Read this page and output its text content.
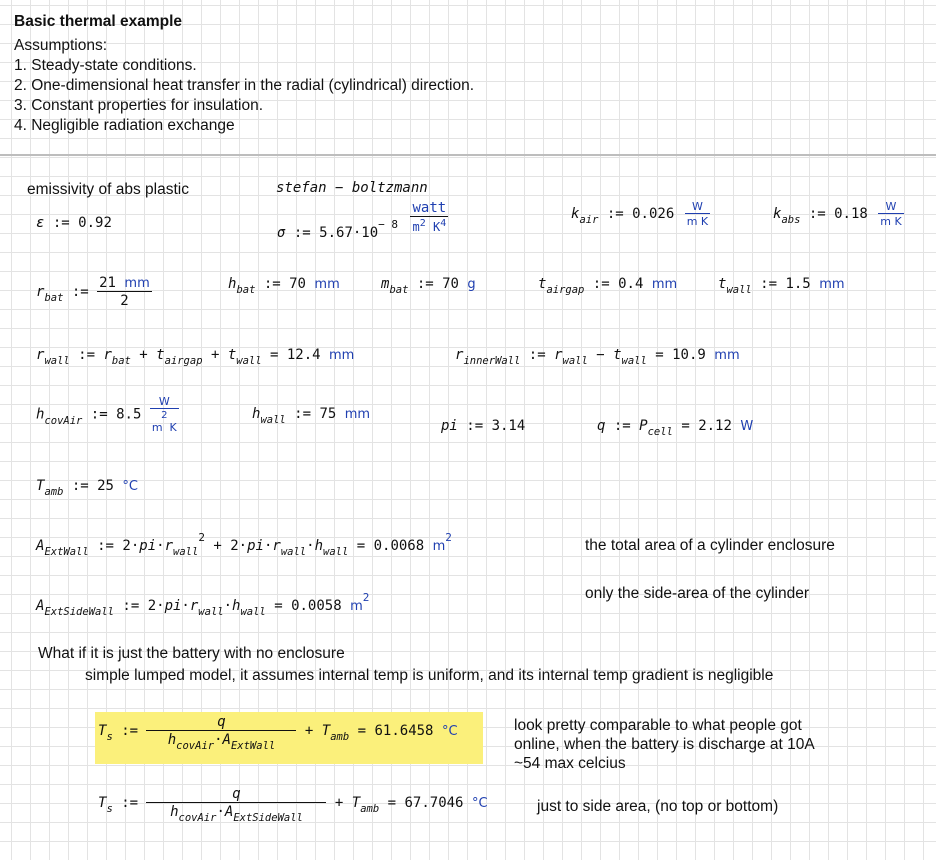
Basic thermal example
Assumptions:
1. Steady-state conditions.
2. One-dimensional heat transfer in the radial (cylindrical) direction.
3. Constant properties for insulation.
4. Negligible radiation exchange
emissivity of abs plastic	stefan − boltzmann
ε := 0.92
σ := $5.67\cdot 10_{- 8} \frac{\text{watt}}{m^2 K^4}$	$k_{air}$ := $0.026 \frac{W}{\text{m K}}$	$k_{abs}$ := $0.18 \frac{W}{\text{m K}}$
$r_{bat}$ := $\frac{21 mm}{2}$	$h_{bat}$ := 70 mm	$m_{bat}$ := 70 g	$t_{airgap}$ := 0.4 mm	$t_{wall}$ := 1.5 mm
$r_{wall}$ := $r_{bat} + t_{airgap} + t_{wall} = 12.4$ mm	$r_{innerWall}$ := $r_{wall} - t_{wall} = 10.9$ mm
$h_{covAir}$ := 8.5 W
2
m  K	$h_{wall}$ := 75 mm
pi := 3.14	q := $P_{cell} = 2.12$ W
$T_{amb}$ := 25 °C
$A_{ExtWall}$ := $2\cdot pi\cdot r_{wall}^2 + 2\cdot pi\cdot r_{wall}\cdot h_{wall} = 0.0068$ $m^2$	the total area of a cylinder enclosure
$A_{ExtSideWall}$ := $2\cdot pi\cdot r_{wall}\cdot h_{wall} = 0.0058$ $m^2$	only the side-area of the cylinder
What if it is just the battery with no enclosure
simple lumped model, it assumes internal temp is uniform, and its internal temp gradient is negligible
$T_s$ := $\frac{q}{h_{covAir}\cdot A_{ExtWall}} + T_{amb} = 61.6458$ °C	look pretty comparable to what people got
online, when the battery is discharge at 10A
~54 max celcius
$T_s$ := $\frac{q}{h_{covAir}\cdot A_{ExtSideWall}} + T_{amb} = 67.7046$ °C	just to side area, (no top or bottom)
